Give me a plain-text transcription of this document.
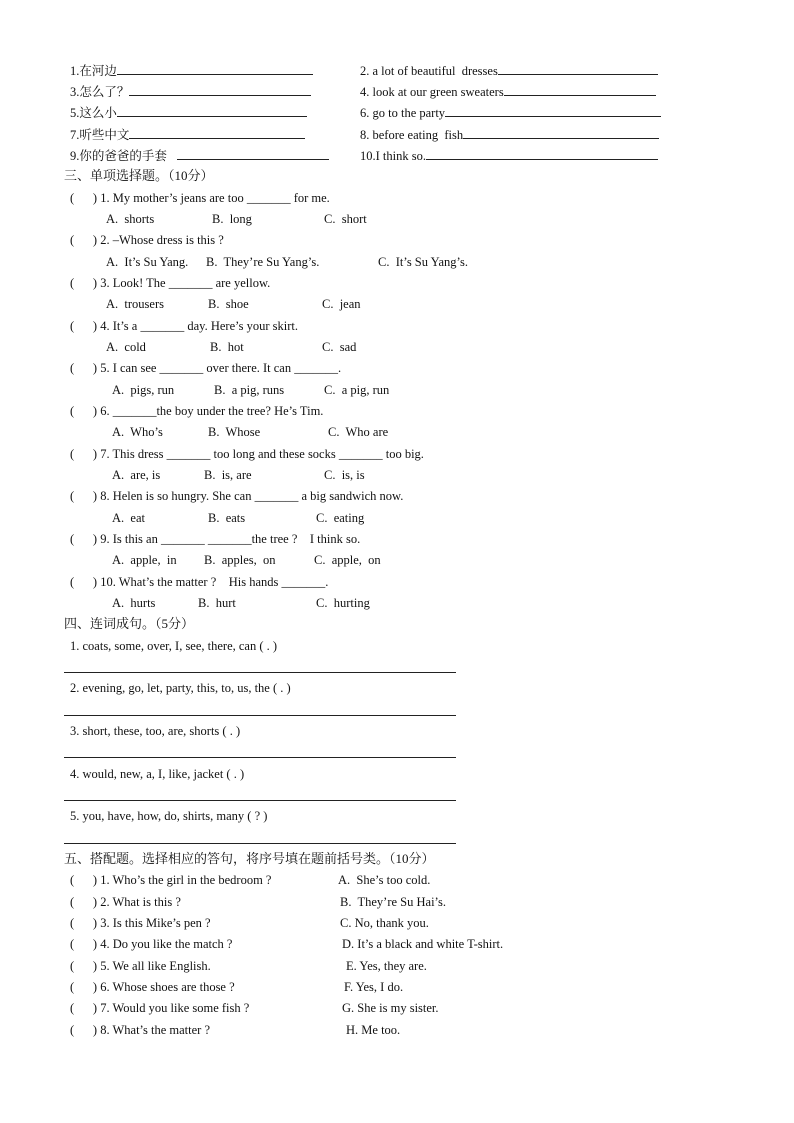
1.在河边	2. a lot of beautiful  dresses
3.怎么了？	4. look at our green sweaters
5.这么小	6. go to the party
7.听些中文	8. before eating  fish
9.你的爸爸的手套	10.I think so.
三、单项选择题。（10分）
(      ) 1. My mother’s jeans are too _______ for me.
A.  shorts	B.  long	C.  short
(      ) 2. –Whose dress is this ?
A.  It’s Su Yang. B.  They’re Su Yang’s.	C.  It’s Su Yang’s.
(      ) 3. Look! The _______ are yellow.
A.  trousers	B.  shoe	C.  jean
(      ) 4. It’s a _______ day. Here’s your skirt.
A.  cold	B.  hot	C.  sad
(      ) 5. I can see _______ over there. It can _______.
A.  pigs, run	B.  a pig, runs	C.  a pig, run
(      ) 6. _______the boy under the tree? He’s Tim.
A.  Who’s	B.  Whose	C.  Who are
(      ) 7. This dress _______ too long and these socks _______ too big.
A.  are, is	B.  is, are	C.  is, is
(      ) 8. Helen is so hungry. She can _______ a big sandwich now.
A.  eat	B.  eats	C.  eating
(      ) 9. Is this an _______ _______the tree ?    I think so.
A.  apple,  in B.  apples,  on	C.  apple,  on
(      ) 10. What’s the matter ?    His hands _______.
A.  hurts	B.  hurt	C.  hurting
四、连词成句。（5分）
1. coats, some, over, I, see, there, can ( . )
2. evening, go, let, party, this, to, us, the ( . )
3. short, these, too, are, shorts ( . )
4. would, new, a, I, like, jacket ( . )
5. you, have, how, do, shirts, many ( ? )
五、搭配题。选择相应的答句，将序号填在题前括号类。（10分）
(      ) 1. Who’s the girl in the bedroom ?	A.  She’s too cold.
(      ) 2. What is this ?	B.  They’re Su Hai’s.
(      ) 3. Is this Mike’s pen ?	C. No, thank you.
(      ) 4. Do you like the match ?	D. It’s a black and white T-shirt.
(      ) 5. We all like English.	E. Yes, they are.
(      ) 6. Whose shoes are those ?	F. Yes, I do.
(      ) 7. Would you like some fish ?	G. She is my sister.
(      ) 8. What’s the matter ?	H. Me too.
